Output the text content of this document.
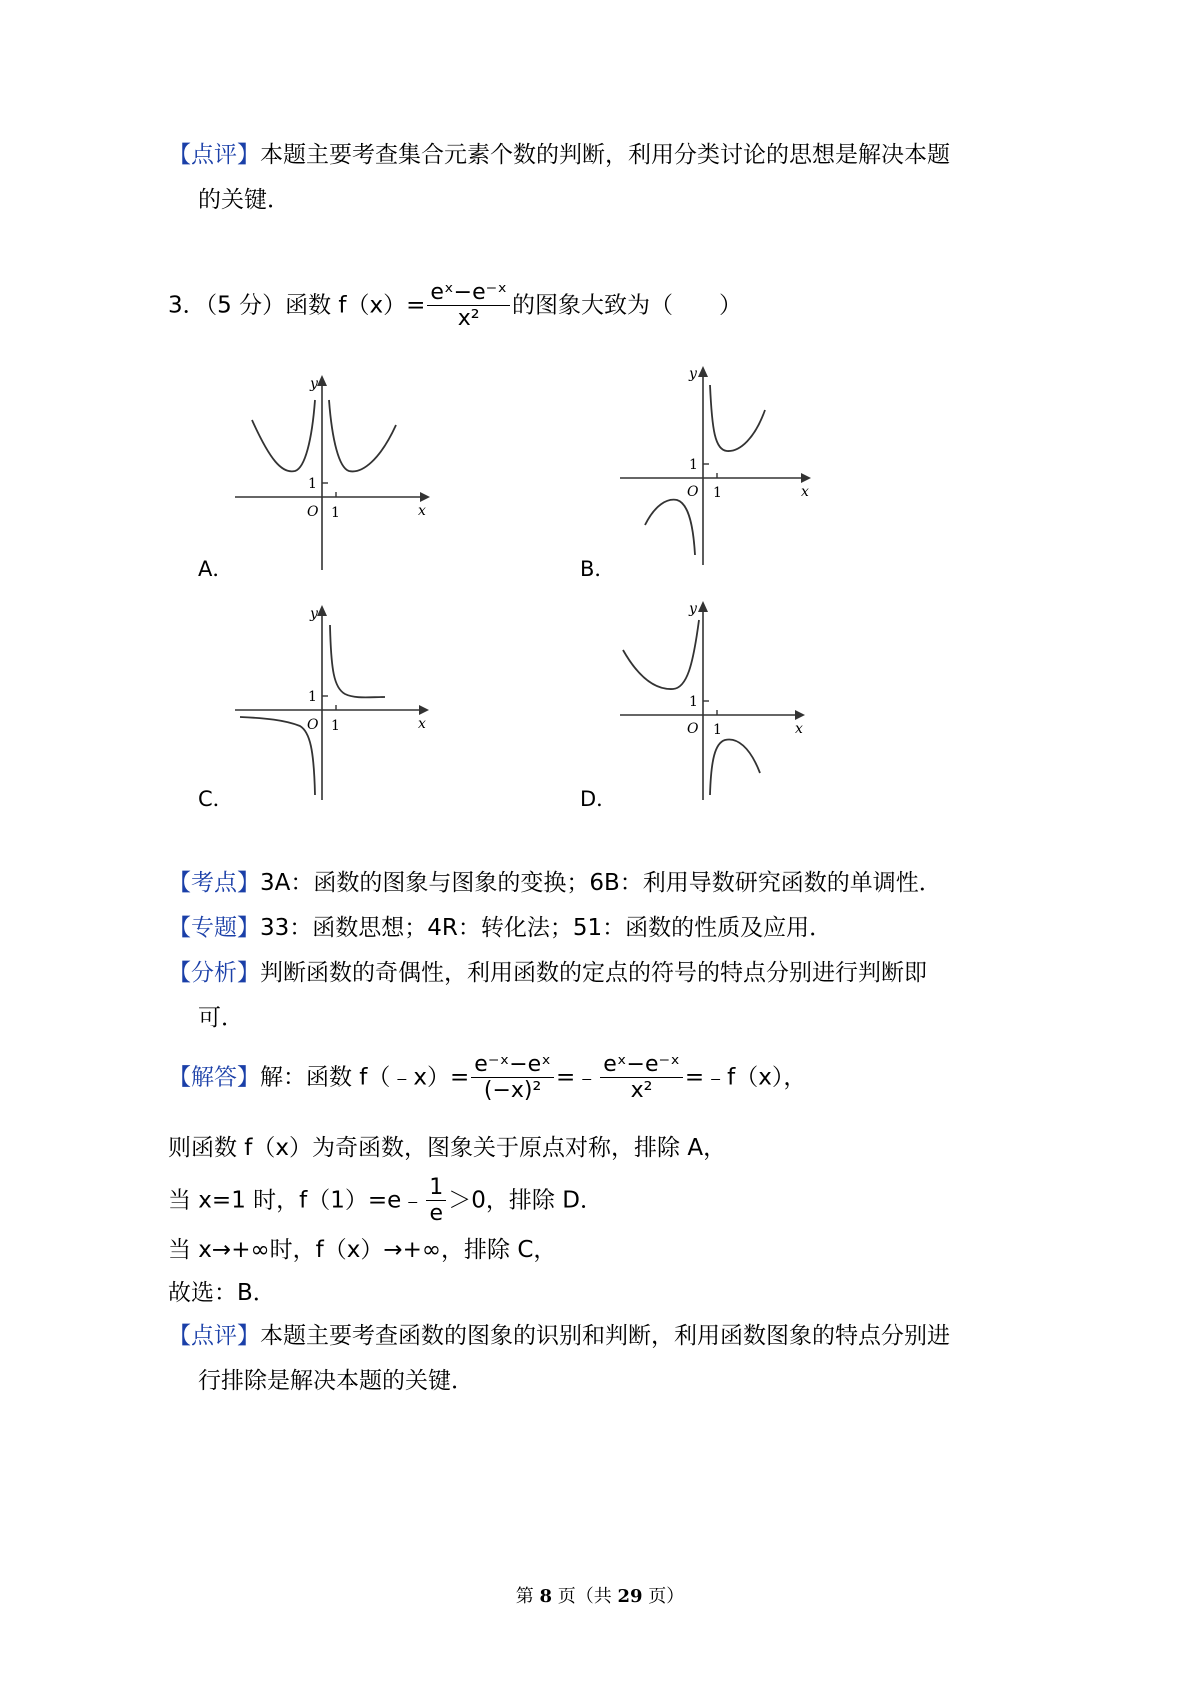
【点评】本题主要考查集合元素个数的判断，利用分类讨论的思想是解决本题
的关键．
3．（5 分）函数 $f(x)= \frac{\text{eˣ−e⁻ˣ}}{\text{x²}}$ 的图象大致为（　　）
y
x
O
1
1
A．
y
x
O
1
1
B．
y
x
O
1
1
C．
y
x
O
1
1
D．
【考点】3A：函数的图象与图象的变换；6B：利用导数研究函数的单调性．
【专题】33：函数思想；4R：转化法；51：函数的性质及应用．
【分析】判断函数的奇偶性，利用函数的定点的符号的特点分别进行判断即
可．
【解答】解：函数 f（﹣x）= $\frac{\text{e⁻ˣ−eˣ}}{\text{(−x)²}}$ =﹣ $\frac{\text{eˣ−e⁻ˣ}}{\text{x²}}$ =﹣f（x），
则函数 f（x）为奇函数，图象关于原点对称，排除 A，
当 x=1 时，f（1）=e﹣ $\frac{1}{e} >0$，排除 D．
当 x→+∞时，f（x）→+∞，排除 C，
故选：B．
【点评】本题主要考查函数的图象的识别和判断，利用函数图象的特点分别进
行排除是解决本题的关键．
第 8 页（共 29 页）
